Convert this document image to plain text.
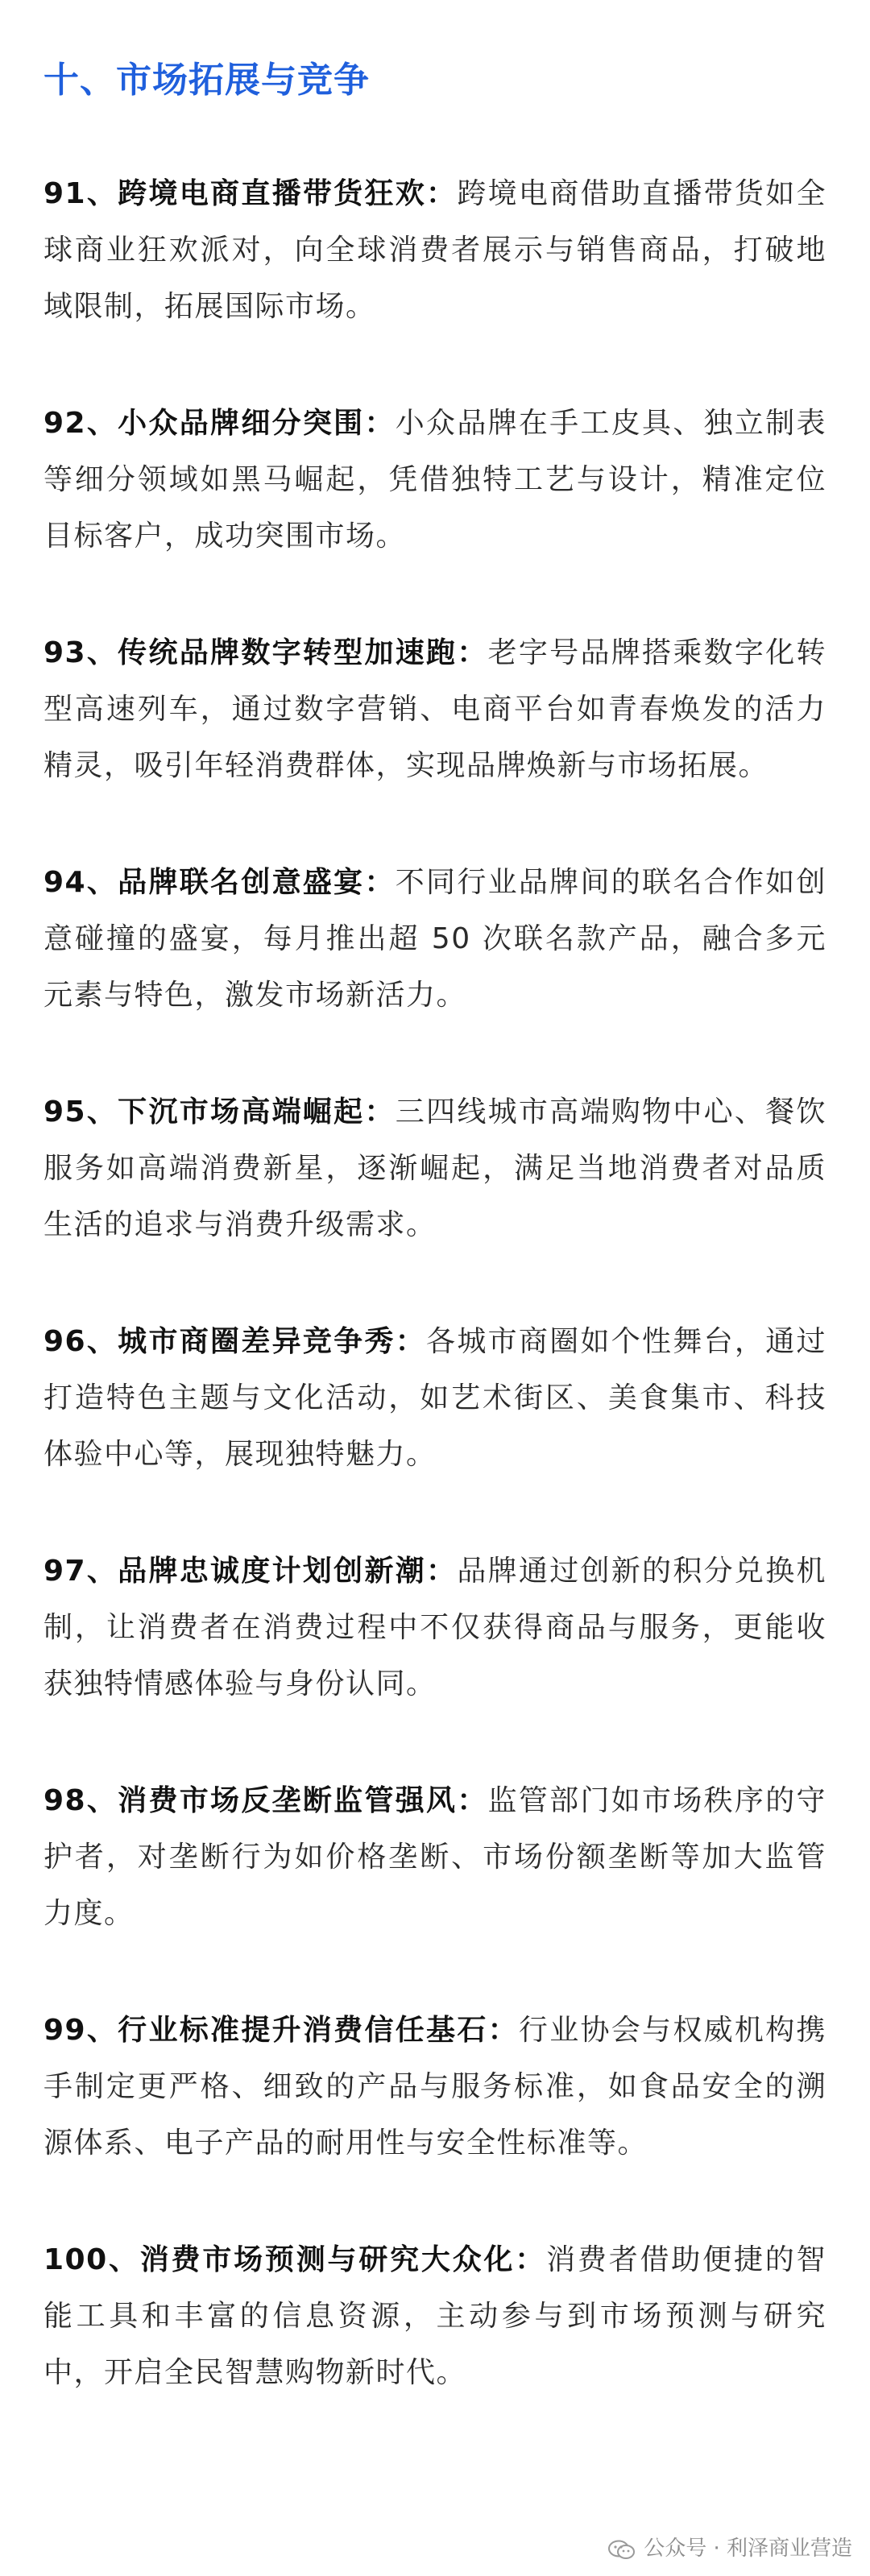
十、市场拓展与竞争

91、跨境电商直播带货狂欢：跨境电商借助直播带货如全球商业狂欢派对，向全球消费者展示与销售商品，打破地域限制，拓展国际市场。

92、小众品牌细分突围：小众品牌在手工皮具、独立制表等细分领域如黑马崛起，凭借独特工艺与设计，精准定位目标客户，成功突围市场。

93、传统品牌数字转型加速跑：老字号品牌搭乘数字化转型高速列车，通过数字营销、电商平台如青春焕发的活力精灵，吸引年轻消费群体，实现品牌焕新与市场拓展。

94、品牌联名创意盛宴：不同行业品牌间的联名合作如创意碰撞的盛宴，每月推出超 50 次联名款产品，融合多元元素与特色，激发市场新活力。

95、下沉市场高端崛起：三四线城市高端购物中心、餐饮服务如高端消费新星，逐渐崛起，满足当地消费者对品质生活的追求与消费升级需求。

96、城市商圈差异竞争秀：各城市商圈如个性舞台，通过打造特色主题与文化活动，如艺术街区、美食集市、科技体验中心等，展现独特魅力。

97、品牌忠诚度计划创新潮：品牌通过创新的积分兑换机制，让消费者在消费过程中不仅获得商品与服务，更能收获独特情感体验与身份认同。

98、消费市场反垄断监管强风：监管部门如市场秩序的守护者，对垄断行为如价格垄断、市场份额垄断等加大监管力度。

99、行业标准提升消费信任基石：行业协会与权威机构携手制定更严格、细致的产品与服务标准，如食品安全的溯源体系、电子产品的耐用性与安全性标准等。

100、消费市场预测与研究大众化：消费者借助便捷的智能工具和丰富的信息资源，主动参与到市场预测与研究中，开启全民智慧购物新时代。

公众号 · 利泽商业营造
